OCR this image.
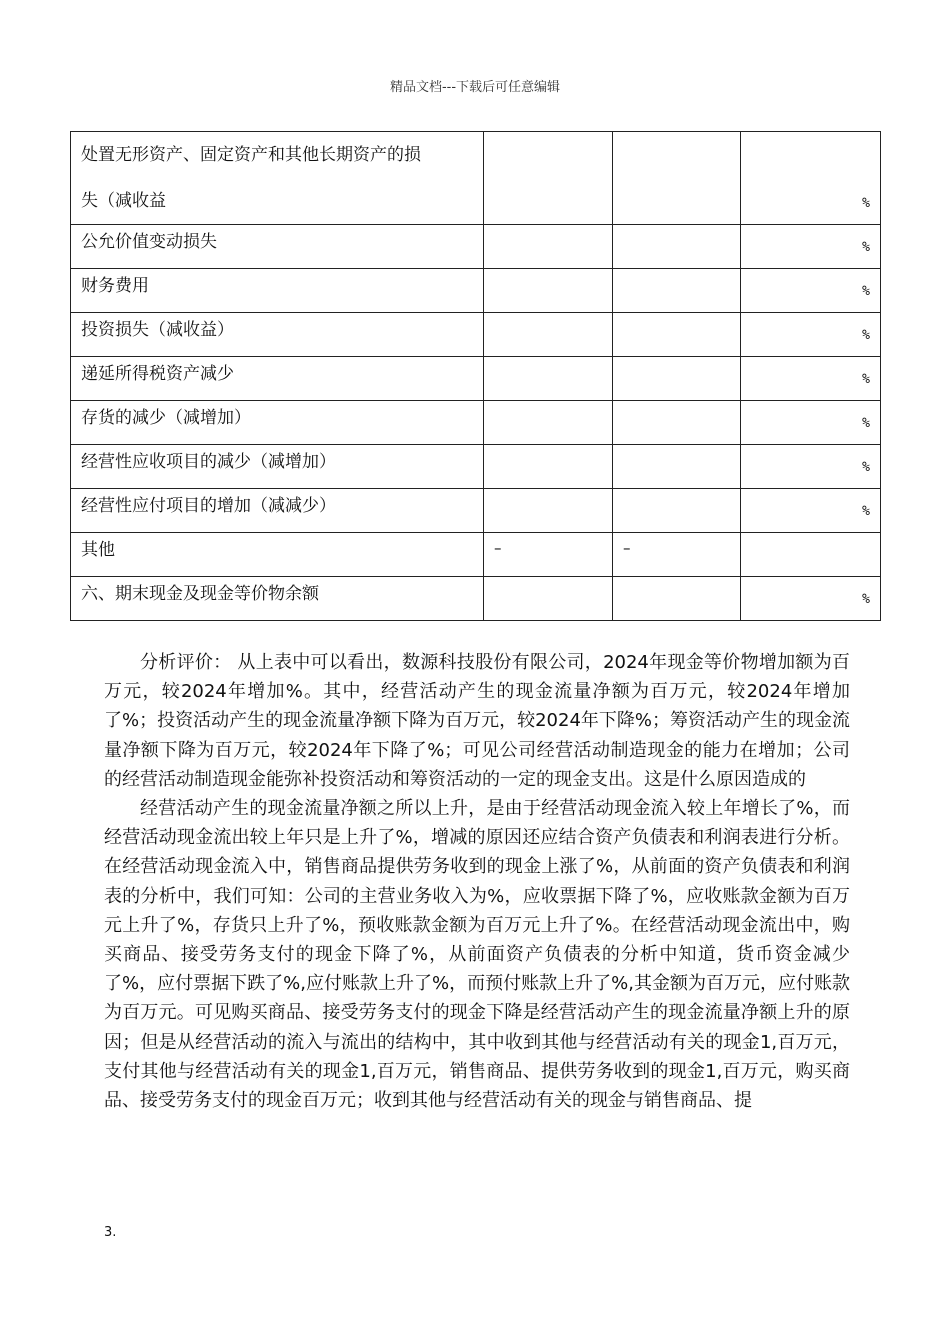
精品文档---下载后可任意编辑
处置无形资产、固定资产和其他长期资产的损
失（减收益			%

公允价值变动损失			%

财务费用			%

投资损失（减收益）			%

递延所得税资产减少			%

存货的减少（减增加）			%

经营性应收项目的减少（减增加）			%

经营性应付项目的增加（减减少）			%

其他	–	–	

六、期末现金及现金等价物余额			%

分析评价： 从上表中可以看出，数源科技股份有限公司，2024年现金等价物增加额为百万元，较2024年增加%。其中，经营活动产生的现金流量净额为百万元，较2024年增加了%；投资活动产生的现金流量净额下降为百万元，较2024年下降%；筹资活动产生的现金流量净额下降为百万元，较2024年下降了%；可见公司经营活动制造现金的能力在增加；公司的经营活动制造现金能弥补投资活动和筹资活动的一定的现金支出。这是什么原因造成的

经营活动产生的现金流量净额之所以上升，是由于经营活动现金流入较上年增长了%，而经营活动现金流出较上年只是上升了%，增减的原因还应结合资产负债表和利润表进行分析。在经营活动现金流入中，销售商品提供劳务收到的现金上涨了%，从前面的资产负债表和利润表的分析中，我们可知：公司的主营业务收入为%，应收票据下降了%，应收账款金额为百万元上升了%，存货只上升了%，预收账款金额为百万元上升了%。在经营活动现金流出中，购买商品、接受劳务支付的现金下降了%，从前面资产负债表的分析中知道，货币资金减少了%，应付票据下跌了%,应付账款上升了%，而预付账款上升了%,其金额为百万元，应付账款为百万元。可见购买商品、接受劳务支付的现金下降是经营活动产生的现金流量净额上升的原因；但是从经营活动的流入与流出的结构中，其中收到其他与经营活动有关的现金1,百万元，支付其他与经营活动有关的现金1,百万元，销售商品、提供劳务收到的现金1,百万元，购买商品、接受劳务支付的现金百万元；收到其他与经营活动有关的现金与销售商品、提

3.
